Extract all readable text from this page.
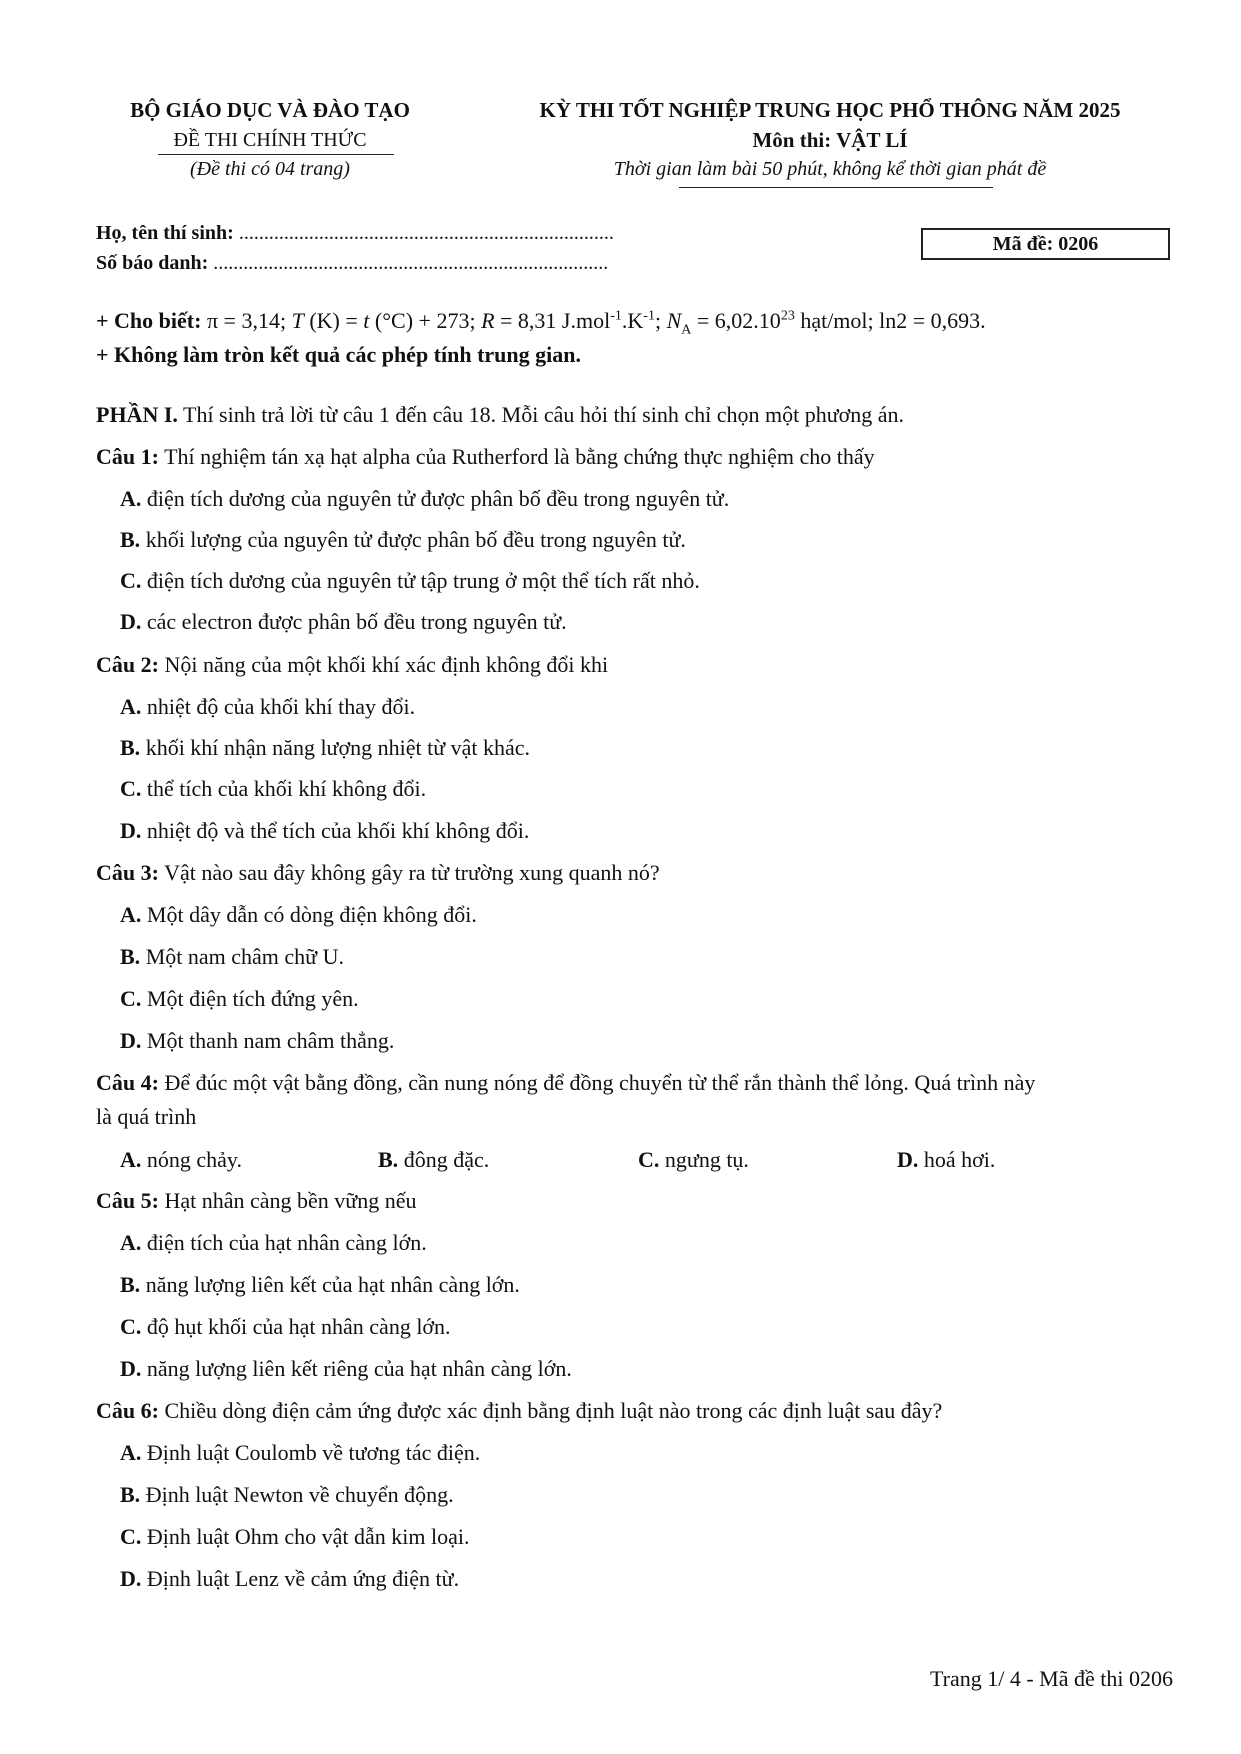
BỘ GIÁO DỤC VÀ ĐÀO TẠO
ĐỀ THI CHÍNH THỨC
(Đề thi có 04 trang)
KỲ THI TỐT NGHIỆP TRUNG HỌC PHỔ THÔNG NĂM 2025
Môn thi: VẬT LÍ
Thời gian làm bài 50 phút, không kể thời gian phát đề
Họ, tên thí sinh: ...........................................................................
Số báo danh: ...............................................................................
Mã đề: 0206
+ Cho biết: π = 3,14; T (K) = t (°C) + 273; R = 8,31 $J.mol^{-1}.K^{-1}$; $N_A = 6,02.10^{23}$ hạt/mol; ln2 = 0,693.
+ Không làm tròn kết quả các phép tính trung gian.
PHẦN I. Thí sinh trả lời từ câu 1 đến câu 18. Mỗi câu hỏi thí sinh chỉ chọn một phương án.
Câu 1: Thí nghiệm tán xạ hạt alpha của Rutherford là bằng chứng thực nghiệm cho thấy
A. điện tích dương của nguyên tử được phân bố đều trong nguyên tử.
B. khối lượng của nguyên tử được phân bố đều trong nguyên tử.
C. điện tích dương của nguyên tử tập trung ở một thể tích rất nhỏ.
D. các electron được phân bố đều trong nguyên tử.
Câu 2: Nội năng của một khối khí xác định không đổi khi
A. nhiệt độ của khối khí thay đổi.
B. khối khí nhận năng lượng nhiệt từ vật khác.
C. thể tích của khối khí không đổi.
D. nhiệt độ và thể tích của khối khí không đổi.
Câu 3: Vật nào sau đây không gây ra từ trường xung quanh nó?
A. Một dây dẫn có dòng điện không đổi.
B. Một nam châm chữ U.
C. Một điện tích đứng yên.
D. Một thanh nam châm thẳng.
Câu 4: Để đúc một vật bằng đồng, cần nung nóng để đồng chuyển từ thể rắn thành thể lỏng. Quá trình này
là quá trình
A. nóng chảy.	B. đông đặc.	C. ngưng tụ.	D. hoá hơi.
Câu 5: Hạt nhân càng bền vững nếu
A. điện tích của hạt nhân càng lớn.
B. năng lượng liên kết của hạt nhân càng lớn.
C. độ hụt khối của hạt nhân càng lớn.
D. năng lượng liên kết riêng của hạt nhân càng lớn.
Câu 6: Chiều dòng điện cảm ứng được xác định bằng định luật nào trong các định luật sau đây?
A. Định luật Coulomb về tương tác điện.
B. Định luật Newton về chuyển động.
C. Định luật Ohm cho vật dẫn kim loại.
D. Định luật Lenz về cảm ứng điện từ.
Trang 1/ 4 - Mã đề thi 0206
